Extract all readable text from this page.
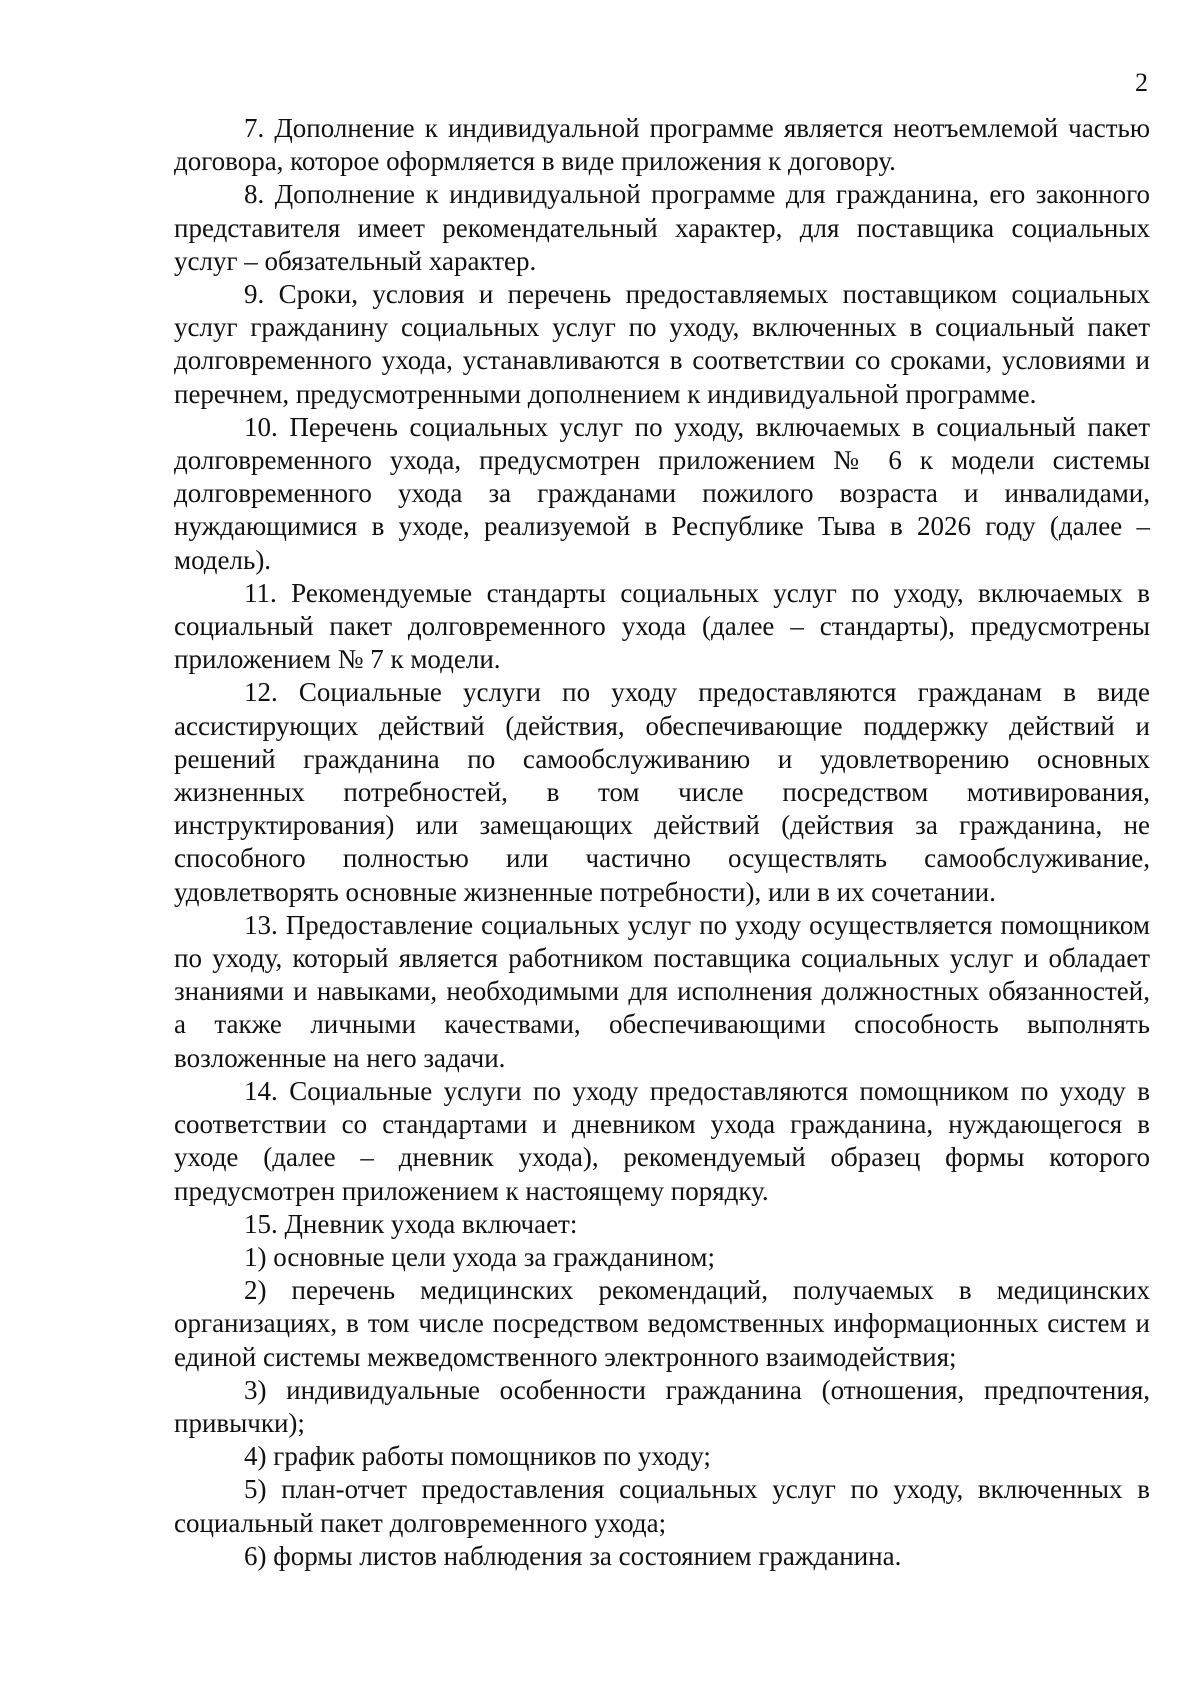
2

7. Дополнение к индивидуальной программе является неотъемлемой частью договора, которое оформляется в виде приложения к договору.

8. Дополнение к индивидуальной программе для гражданина, его законного представителя имеет рекомендательный характер, для поставщика социальных услуг – обязательный характер.

9. Сроки, условия и перечень предоставляемых поставщиком социальных услуг гражданину социальных услуг по уходу, включенных в социальный пакет долговременного ухода, устанавливаются в соответствии со сроками, условиями и перечнем, предусмотренными дополнением к индивидуальной программе.

10. Перечень социальных услуг по уходу, включаемых в социальный пакет долговременного ухода, предусмотрен приложением № 6 к модели системы долговременного ухода за гражданами пожилого возраста и инвалидами, нуждающимися в уходе, реализуемой в Республике Тыва в 2026 году (далее – модель).

11. Рекомендуемые стандарты социальных услуг по уходу, включаемых в социальный пакет долговременного ухода (далее – стандарты), предусмотрены приложением № 7 к модели.

12. Социальные услуги по уходу предоставляются гражданам в виде ассистирующих действий (действия, обеспечивающие поддержку действий и решений гражданина по самообслуживанию и удовлетворению основных жизненных потребностей, в том числе посредством мотивирования, инструктирования) или замещающих действий (действия за гражданина, не способного полностью или частично осуществлять самообслуживание, удовлетворять основные жизненные потребности), или в их сочетании.

13. Предоставление социальных услуг по уходу осуществляется помощником по уходу, который является работником поставщика социальных услуг и обладает знаниями и навыками, необходимыми для исполнения должностных обязанностей, а также личными качествами, обеспечивающими способность выполнять возложенные на него задачи.

14. Социальные услуги по уходу предоставляются помощником по уходу в соответствии со стандартами и дневником ухода гражданина, нуждающегося в уходе (далее – дневник ухода), рекомендуемый образец формы которого предусмотрен приложением к настоящему порядку.

15. Дневник ухода включает:

1) основные цели ухода за гражданином;

2) перечень медицинских рекомендаций, получаемых в медицинских организациях, в том числе посредством ведомственных информационных систем и единой системы межведомственного электронного взаимодействия;

3) индивидуальные особенности гражданина (отношения, предпочтения, привычки);

4) график работы помощников по уходу;

5) план-отчет предоставления социальных услуг по уходу, включенных в социальный пакет долговременного ухода;

6) формы листов наблюдения за состоянием гражданина.
